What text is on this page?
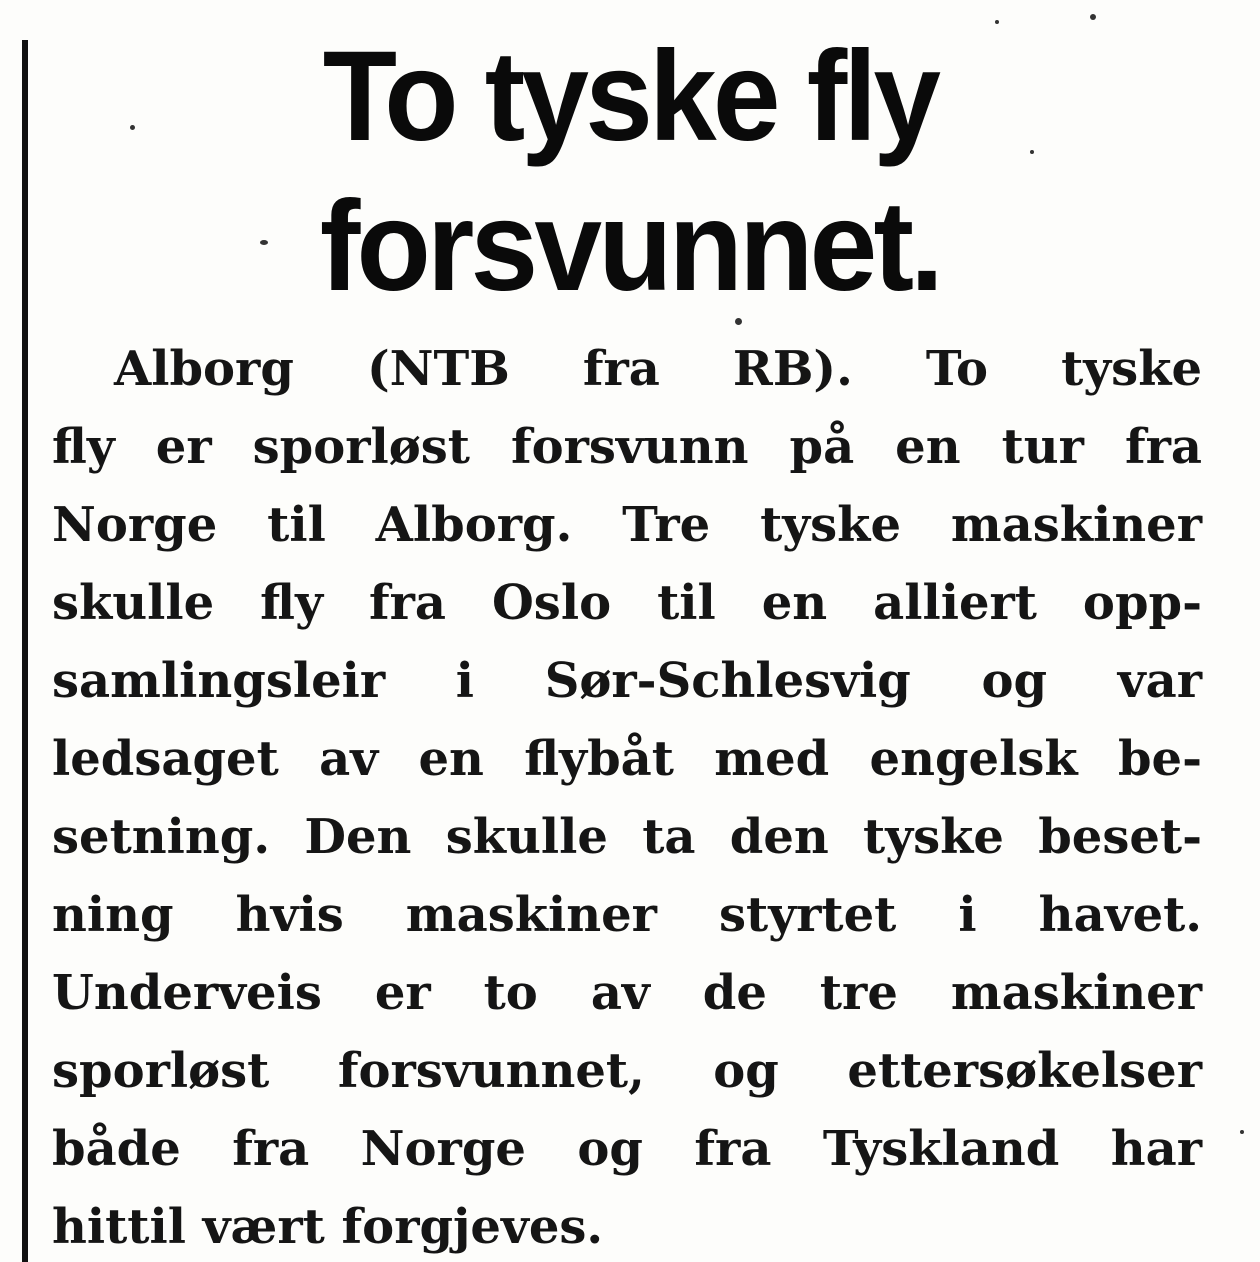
To tyske fly
forsvunnet.
Alborg (NTB fra RB). To tyske
fly er sporløst forsvunn på en tur fra
Norge til Alborg. Tre tyske maskiner
skulle fly fra Oslo til en alliert opp-
samlingsleir i Sør-Schlesvig og var
ledsaget av en flybåt med engelsk be-
setning. Den skulle ta den tyske beset-
ning hvis maskiner styrtet i havet.
Underveis er to av de tre maskiner
sporløst forsvunnet, og ettersøkelser
både fra Norge og fra Tyskland har
hittil vært forgjeves.
